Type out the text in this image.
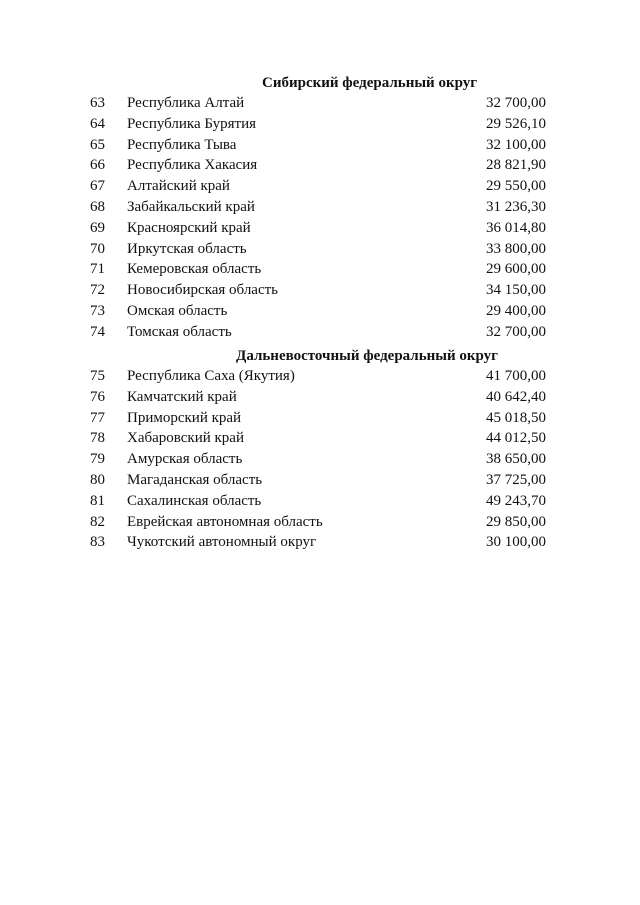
Сибирский федеральный округ
63	Республика Алтай	32 700,00
64	Республика Бурятия	29 526,10
65	Республика Тыва	32 100,00
66	Республика Хакасия	28 821,90
67	Алтайский край	29 550,00
68	Забайкальский край	31 236,30
69	Красноярский край	36 014,80
70	Иркутская область	33 800,00
71	Кемеровская область	29 600,00
72	Новосибирская область	34 150,00
73	Омская область	29 400,00
74	Томская область	32 700,00
Дальневосточный федеральный округ
75	Республика Саха (Якутия)	41 700,00
76	Камчатский край	40 642,40
77	Приморский край	45 018,50
78	Хабаровский край	44 012,50
79	Амурская область	38 650,00
80	Магаданская область	37 725,00
81	Сахалинская область	49 243,70
82	Еврейская автономная область	29 850,00
83	Чукотский автономный округ	30 100,00
